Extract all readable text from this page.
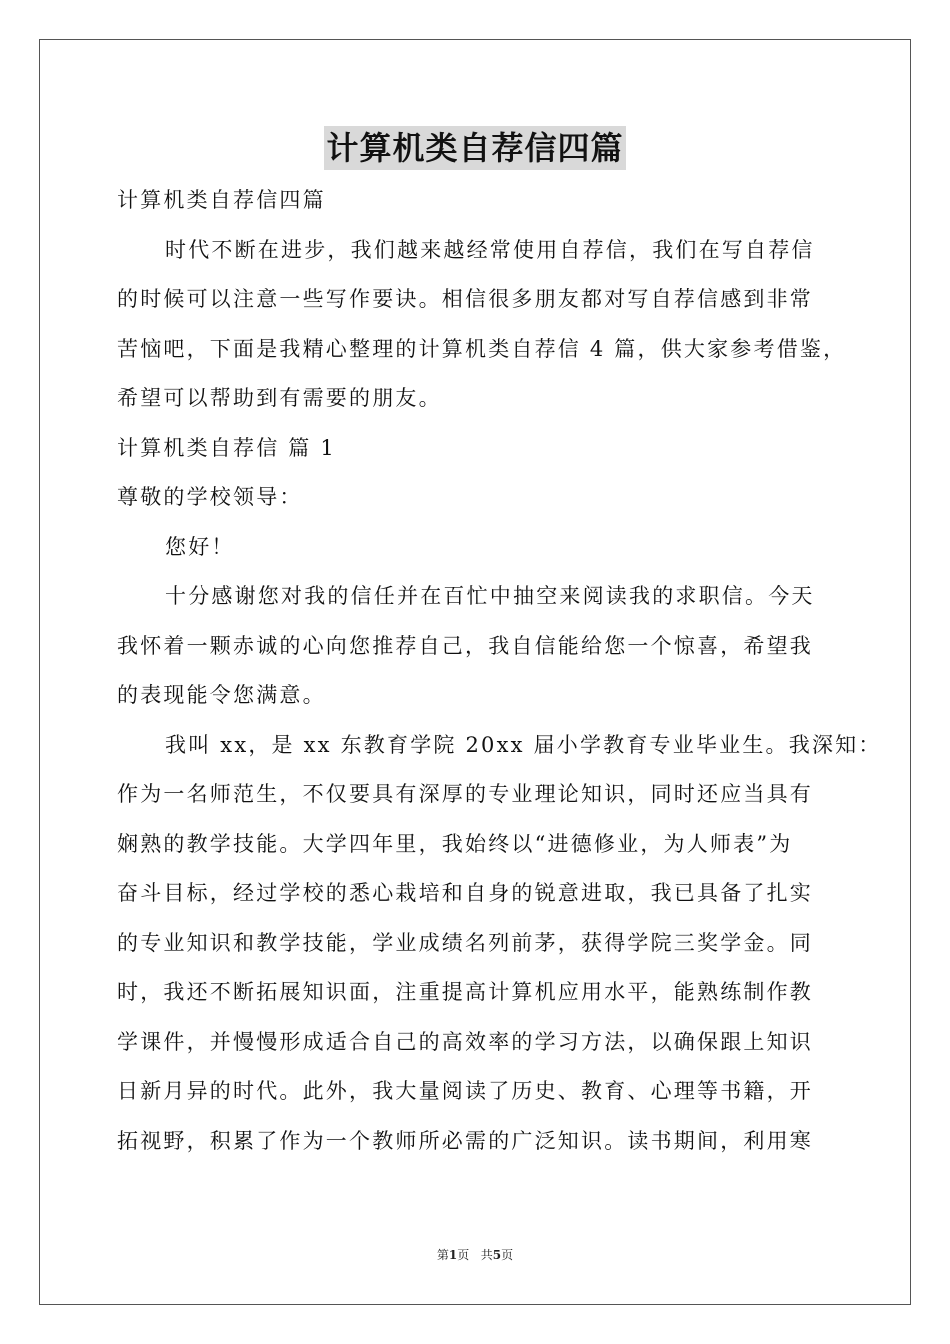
计算机类自荐信四篇
计算机类自荐信四篇
时代不断在进步，我们越来越经常使用自荐信，我们在写自荐信
的时候可以注意一些写作要诀。相信很多朋友都对写自荐信感到非常
苦恼吧，下面是我精心整理的计算机类自荐信 4 篇，供大家参考借鉴，
希望可以帮助到有需要的朋友。
计算机类自荐信 篇 1
尊敬的学校领导：
您好！
十分感谢您对我的信任并在百忙中抽空来阅读我的求职信。今天
我怀着一颗赤诚的心向您推荐自己，我自信能给您一个惊喜，希望我
的表现能令您满意。
我叫 xx，是 xx 东教育学院 20xx 届小学教育专业毕业生。我深知：
作为一名师范生，不仅要具有深厚的专业理论知识，同时还应当具有
娴熟的教学技能。大学四年里，我始终以“进德修业，为人师表”为
奋斗目标，经过学校的悉心栽培和自身的锐意进取，我已具备了扎实
的专业知识和教学技能，学业成绩名列前茅，获得学院三奖学金。同
时，我还不断拓展知识面，注重提高计算机应用水平，能熟练制作教
学课件，并慢慢形成适合自己的高效率的学习方法，以确保跟上知识
日新月异的时代。此外，我大量阅读了历史、教育、心理等书籍，开
拓视野，积累了作为一个教师所必需的广泛知识。读书期间，利用寒
第1页 共5页
